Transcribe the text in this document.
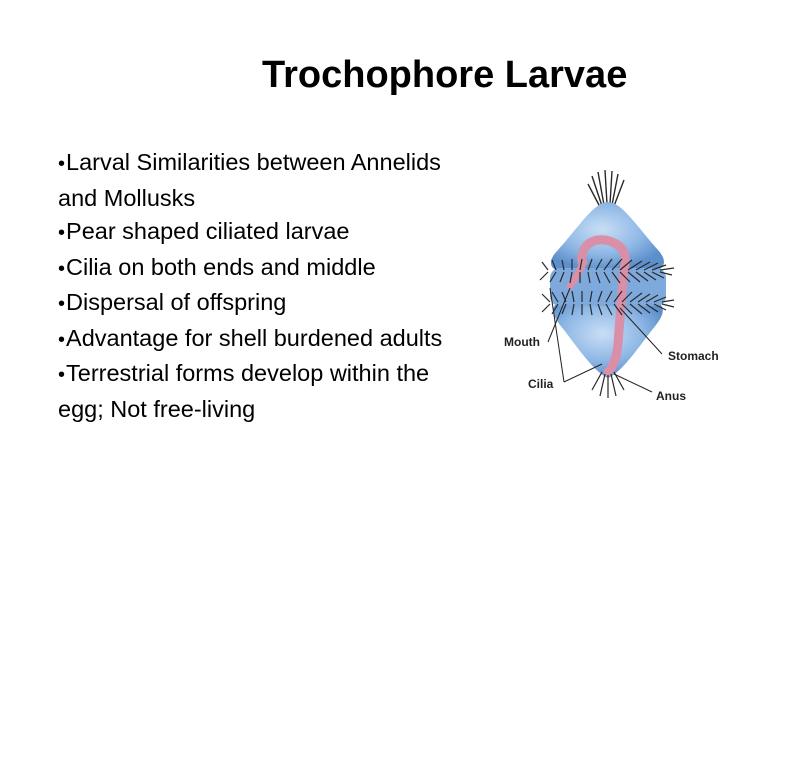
Trochophore Larvae
•Larval Similarities between Annelids and Mollusks
•Pear shaped ciliated larvae
•Cilia on both ends and middle
•Dispersal of offspring
•Advantage for shell burdened adults
•Terrestrial forms develop within the egg; Not free-living
Mouth
Cilia
Stomach
Anus
